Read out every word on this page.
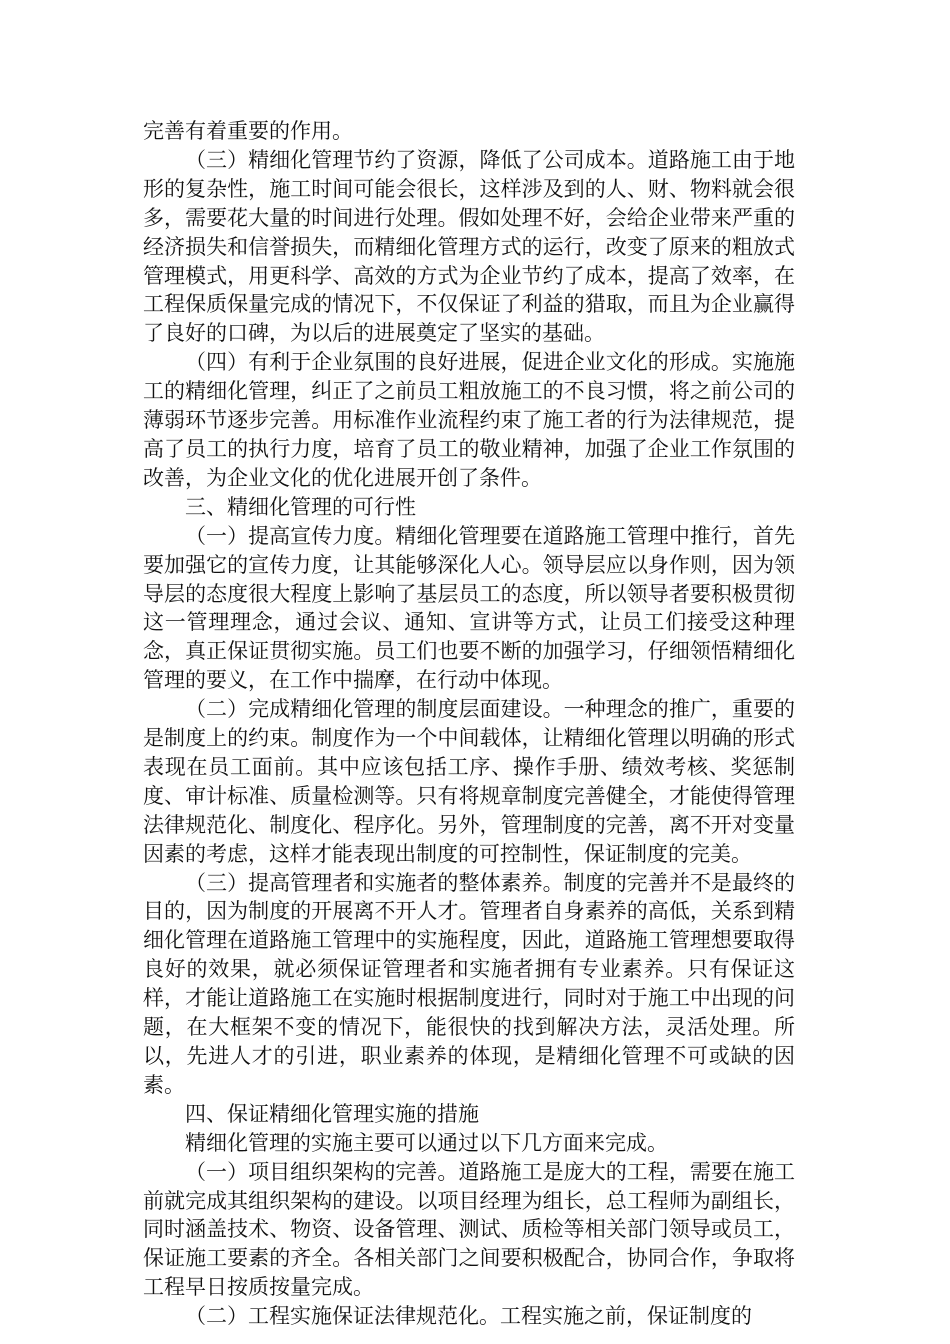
完善有着重要的作用。

（三）精细化管理节约了资源，降低了公司成本。道路施工由于地形的复杂性，施工时间可能会很长，这样涉及到的人、财、物料就会很多，需要花大量的时间进行处理。假如处理不好，会给企业带来严重的经济损失和信誉损失，而精细化管理方式的运行，改变了原来的粗放式管理模式，用更科学、高效的方式为企业节约了成本，提高了效率，在工程保质保量完成的情况下，不仅保证了利益的猎取，而且为企业赢得了良好的口碑，为以后的进展奠定了坚实的基础。

（四）有利于企业氛围的良好进展，促进企业文化的形成。实施施工的精细化管理，纠正了之前员工粗放施工的不良习惯，将之前公司的薄弱环节逐步完善。用标准作业流程约束了施工者的行为法律规范，提高了员工的执行力度，培育了员工的敬业精神，加强了企业工作氛围的改善，为企业文化的优化进展开创了条件。

三、精细化管理的可行性

（一）提高宣传力度。精细化管理要在道路施工管理中推行，首先要加强它的宣传力度，让其能够深化人心。领导层应以身作则，因为领导层的态度很大程度上影响了基层员工的态度，所以领导者要积极贯彻这一管理理念，通过会议、通知、宣讲等方式，让员工们接受这种理念，真正保证贯彻实施。员工们也要不断的加强学习，仔细领悟精细化管理的要义，在工作中揣摩，在行动中体现。

（二）完成精细化管理的制度层面建设。一种理念的推广，重要的是制度上的约束。制度作为一个中间载体，让精细化管理以明确的形式表现在员工面前。其中应该包括工序、操作手册、绩效考核、奖惩制度、审计标准、质量检测等。只有将规章制度完善健全，才能使得管理法律规范化、制度化、程序化。另外，管理制度的完善，离不开对变量因素的考虑，这样才能表现出制度的可控制性，保证制度的完美。

（三）提高管理者和实施者的整体素养。制度的完善并不是最终的目的，因为制度的开展离不开人才。管理者自身素养的高低，关系到精细化管理在道路施工管理中的实施程度，因此，道路施工管理想要取得良好的效果，就必须保证管理者和实施者拥有专业素养。只有保证这样，才能让道路施工在实施时根据制度进行，同时对于施工中出现的问题，在大框架不变的情况下，能很快的找到解决方法，灵活处理。所以，先进人才的引进，职业素养的体现，是精细化管理不可或缺的因素。

四、保证精细化管理实施的措施

精细化管理的实施主要可以通过以下几方面来完成。

（一）项目组织架构的完善。道路施工是庞大的工程，需要在施工前就完成其组织架构的建设。以项目经理为组长，总工程师为副组长，同时涵盖技术、物资、设备管理、测试、质检等相关部门领导或员工，保证施工要素的齐全。各相关部门之间要积极配合，协同合作，争取将工程早日按质按量完成。

（二）工程实施保证法律规范化。工程实施之前，保证制度的
